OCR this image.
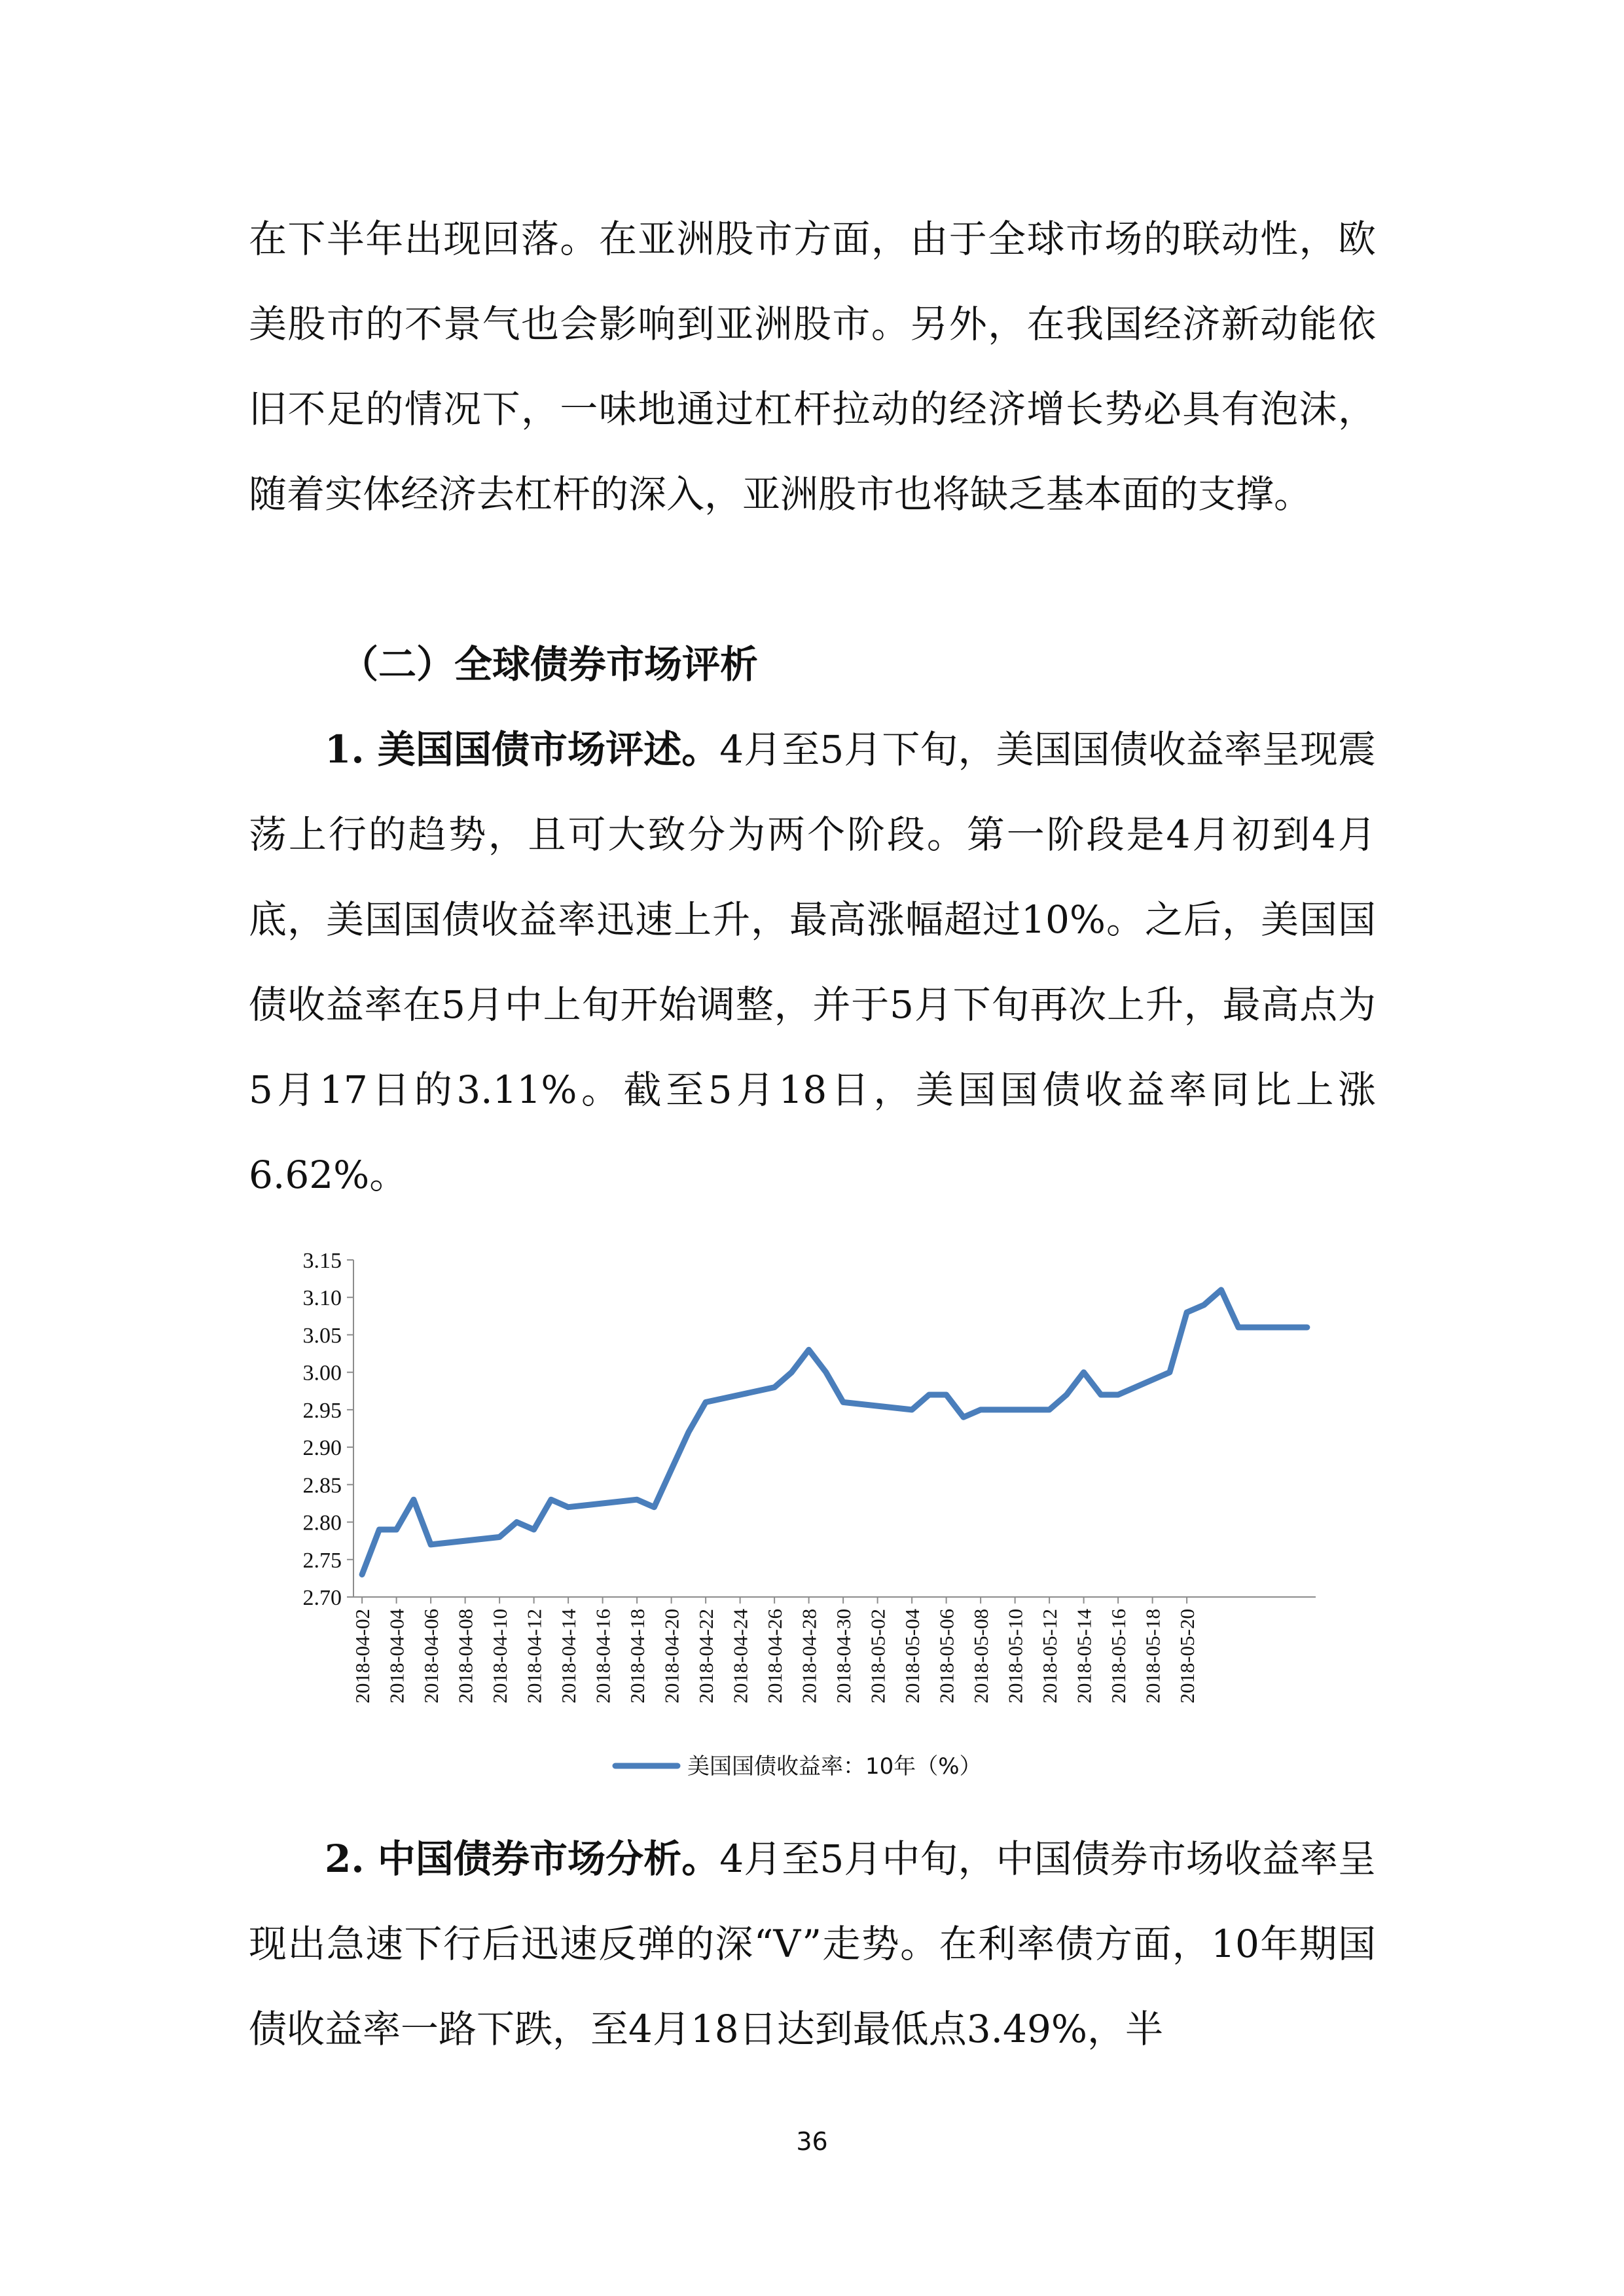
在下半年出现回落。在亚洲股市方面，由于全球市场的联动性，欧美股市的不景气也会影响到亚洲股市。另外，在我国经济新动能依旧不足的情况下，一味地通过杠杆拉动的经济增长势必具有泡沫，随着实体经济去杠杆的深入，亚洲股市也将缺乏基本面的支撑。

（二）全球债券市场评析

1. 美国国债市场评述。4月至5月下旬，美国国债收益率呈现震荡上行的趋势，且可大致分为两个阶段。第一阶段是4月初到4月底，美国国债收益率迅速上升，最高涨幅超过10%。之后，美国国债收益率在5月中上旬开始调整，并于5月下旬再次上升，最高点为5月17日的3.11%。截至5月18日，美国国债收益率同比上涨6.62%。

3.15
3.10
3.05
3.00
2.95
2.90
2.85
2.80
2.75
2.70
2018-04-02 2018-04-04 2018-04-06 2018-04-08 2018-04-10 2018-04-12 2018-04-14 2018-04-16 2018-04-18 2018-04-20 2018-04-22 2018-04-24 2018-04-26 2018-04-28 2018-04-30 2018-05-02 2018-05-04 2018-05-06 2018-05-08 2018-05-10 2018-05-12 2018-05-14 2018-05-16 2018-05-18 2018-05-20
美国国债收益率：10年（%）

2. 中国债券市场分析。4月至5月中旬，中国债券市场收益率呈现出急速下行后迅速反弹的深“V”走势。在利率债方面，10年期国债收益率一路下跌，至4月18日达到最低点3.49%，半

36
